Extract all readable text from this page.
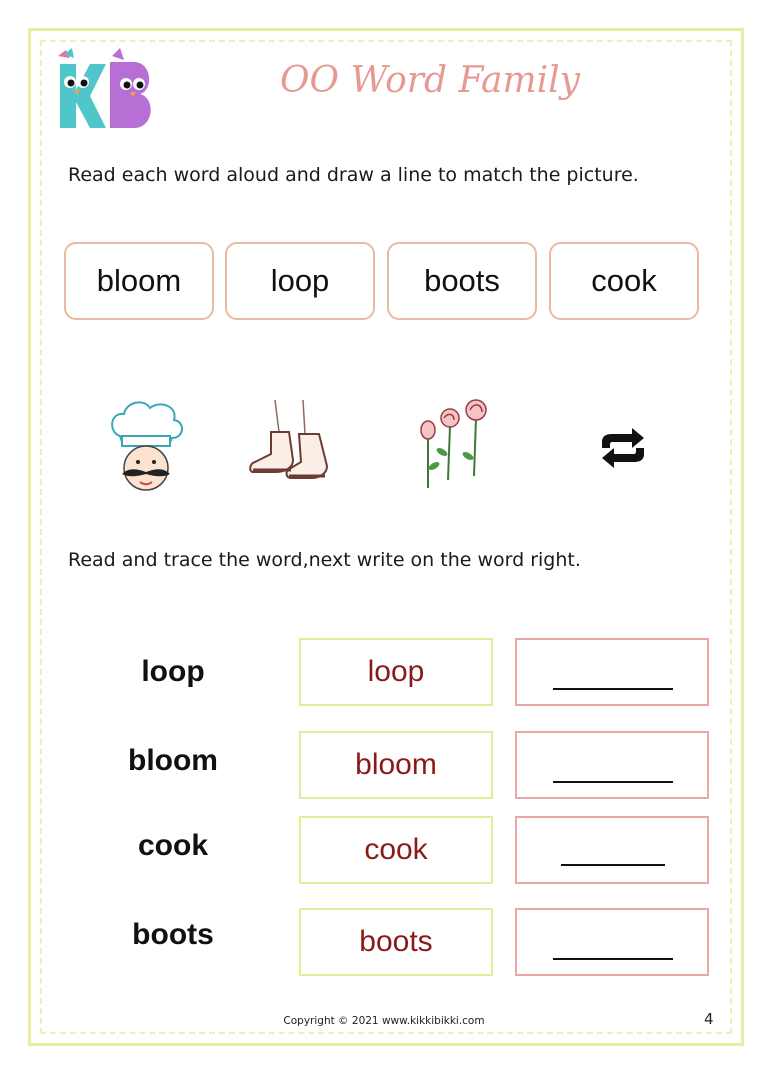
OO Word Family
Read each word aloud and draw a line to match the picture.
bloom	loop	boots	cook
Read and trace the word,next write on the word right.
loop	loop
bloom	bloom
cook	cook
boots	boots
Copyright © 2021 www.kikkibikki.com	4
